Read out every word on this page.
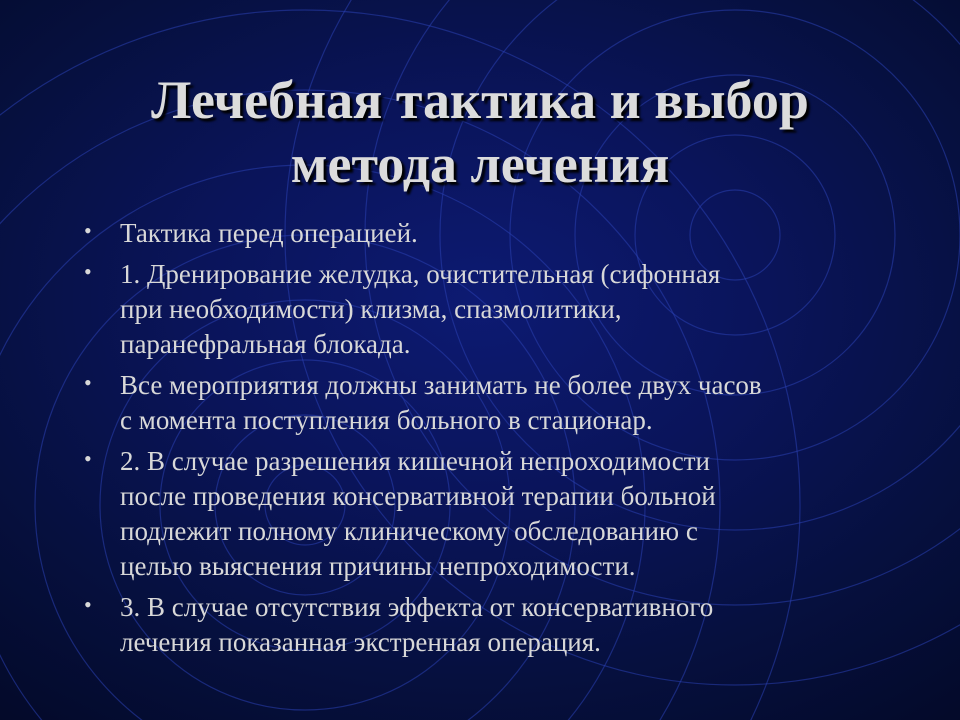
Лечебная тактика и выбор
метода лечения
• Тактика перед операцией.
• 1. Дренирование желудка, очистительная (сифонная
при необходимости) клизма, спазмолитики,
паранефральная блокада.
• Все мероприятия должны занимать не более двух часов
с момента поступления больного в стационар.
• 2. В случае разрешения кишечной непроходимости
после проведения консервативной терапии больной
подлежит полному клиническому обследованию с
целью выяснения причины непроходимости.
• 3. В случае отсутствия эффекта от консервативного
лечения показанная экстренная операция.
